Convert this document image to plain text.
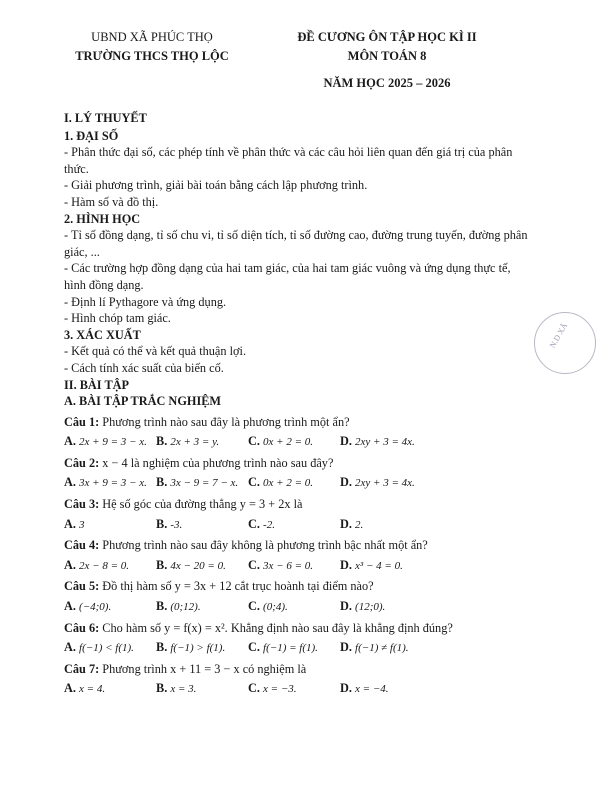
UBND XÃ PHÚC THỌ
TRƯỜNG THCS THỌ LỘC
ĐỀ CƯƠNG ÔN TẬP HỌC KÌ II
MÔN TOÁN 8
NĂM HỌC 2025 – 2026
N.D XÃ
I. LÝ THUYẾT
1. ĐẠI SỐ
- Phân thức đại số, các phép tính về phân thức và các câu hỏi liên quan đến giá trị của phân thức.
- Giải phương trình, giải bài toán bằng cách lập phương trình.
- Hàm số và đồ thị.
2. HÌNH HỌC
- Tỉ số đồng dạng, tỉ số chu vi, tỉ số diện tích, tỉ số đường cao, đường trung tuyến, đường phân giác, ...
- Các trường hợp đồng dạng của hai tam giác, của hai tam giác vuông và ứng dụng thực tế, hình đồng dạng.
- Định lí Pythagore và ứng dụng.
- Hình chóp tam giác.
3. XÁC XUẤT
- Kết quả có thể và kết quả thuận lợi.
- Cách tính xác suất của biến cố.
II. BÀI TẬP
A. BÀI TẬP TRẮC NGHIỆM
Câu 1: Phương trình nào sau đây là phương trình một ẩn?
A. 2x + 9 = 3 − x. B. 2x + 3 = y.	C. 0x + 2 = 0.	D. 2xy + 3 = 4x.
Câu 2: x − 4 là nghiệm của phương trình nào sau đây?
A. 3x + 9 = 3 − x. B. 3x − 9 = 7 − x. C. 0x + 2 = 0.	D. 2xy + 3 = 4x.
Câu 3: Hệ số góc của đường thẳng y = 3 + 2x là
A. 3	B. -3.	C. -2.	D. 2.
Câu 4: Phương trình nào sau đây không là phương trình bậc nhất một ẩn?
A. 2x − 8 = 0.	B. 4x − 20 = 0.	C. 3x − 6 = 0.	D. x³ − 4 = 0.
Câu 5: Đồ thị hàm số y = 3x + 12 cắt trục hoành tại điểm nào?
A. (−4;0).	B. (0;12).	C. (0;4).	D. (12;0).
Câu 6: Cho hàm số y = f(x) = x². Khẳng định nào sau đây là khẳng định đúng?
A. f(−1) < f(1).	B. f(−1) > f(1).	C. f(−1) = f(1).	D. f(−1) ≠ f(1).
Câu 7: Phương trình x + 11 = 3 − x có nghiệm là
A. x = 4.	B. x = 3.	C. x = −3.	D. x = −4.
